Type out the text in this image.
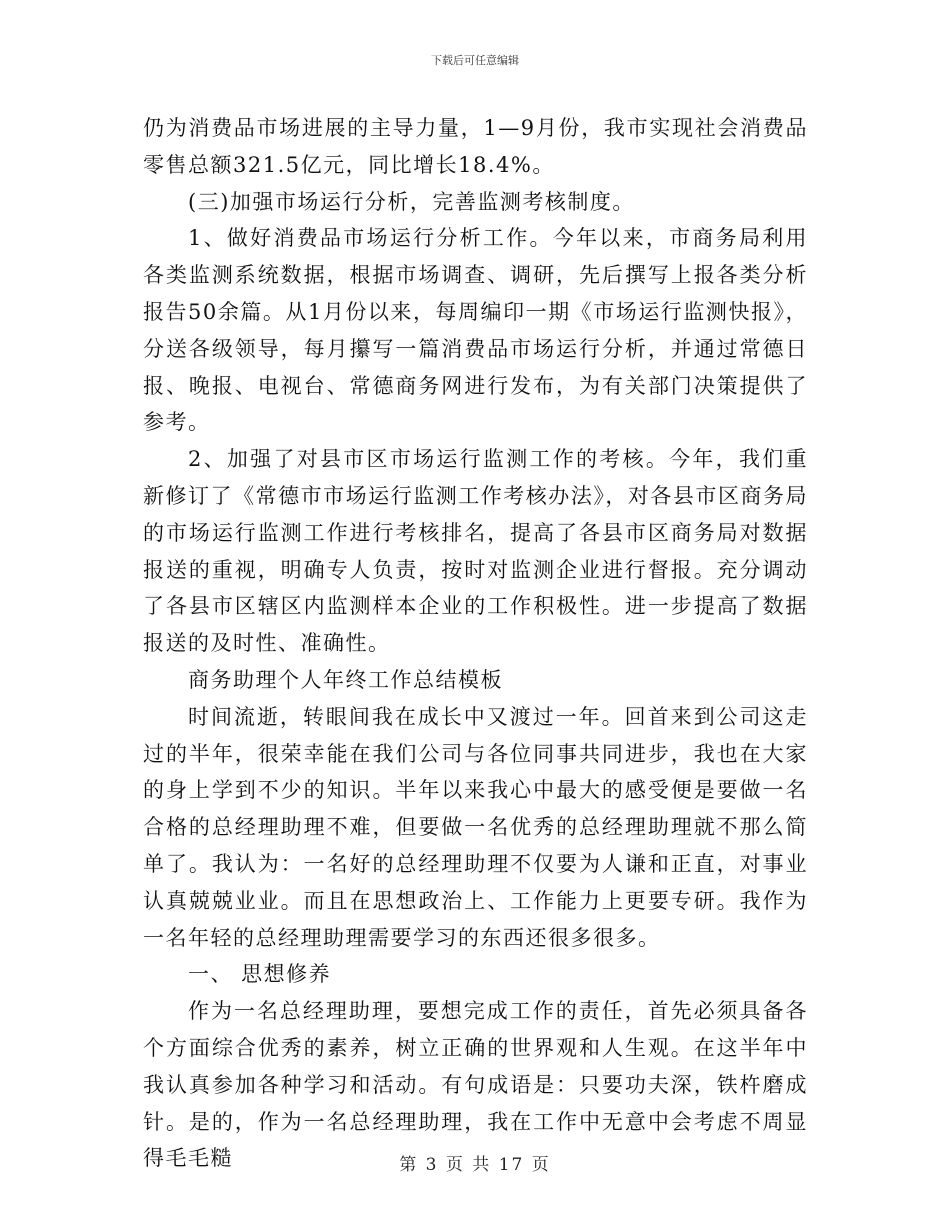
下载后可任意编辑

仍为消费品市场进展的主导力量，1—9月份，我市实现社会消费品零售总额321.5亿元，同比增长18.4%。

(三)加强市场运行分析，完善监测考核制度。

1、做好消费品市场运行分析工作。今年以来，市商务局利用各类监测系统数据，根据市场调查、调研，先后撰写上报各类分析报告50余篇。从1月份以来，每周编印一期《市场运行监测快报》，分送各级领导，每月攥写一篇消费品市场运行分析，并通过常德日报、晚报、电视台、常德商务网进行发布，为有关部门决策提供了参考。

2、加强了对县市区市场运行监测工作的考核。今年，我们重新修订了《常德市市场运行监测工作考核办法》，对各县市区商务局的市场运行监测工作进行考核排名，提高了各县市区商务局对数据报送的重视，明确专人负责，按时对监测企业进行督报。充分调动了各县市区辖区内监测样本企业的工作积极性。进一步提高了数据报送的及时性、准确性。

商务助理个人年终工作总结模板

时间流逝，转眼间我在成长中又渡过一年。回首来到公司这走过的半年，很荣幸能在我们公司与各位同事共同进步，我也在大家的身上学到不少的知识。半年以来我心中最大的感受便是要做一名合格的总经理助理不难，但要做一名优秀的总经理助理就不那么简单了。我认为：一名好的总经理助理不仅要为人谦和正直，对事业认真兢兢业业。而且在思想政治上、工作能力上更要专研。我作为一名年轻的总经理助理需要学习的东西还很多很多。

一、 思想修养

作为一名总经理助理，要想完成工作的责任，首先必须具备各个方面综合优秀的素养，树立正确的世界观和人生观。在这半年中我认真参加各种学习和活动。有句成语是：只要功夫深，铁杵磨成针。是的，作为一名总经理助理，我在工作中无意中会考虑不周显得毛毛糙	第 3 页 共 17 页
